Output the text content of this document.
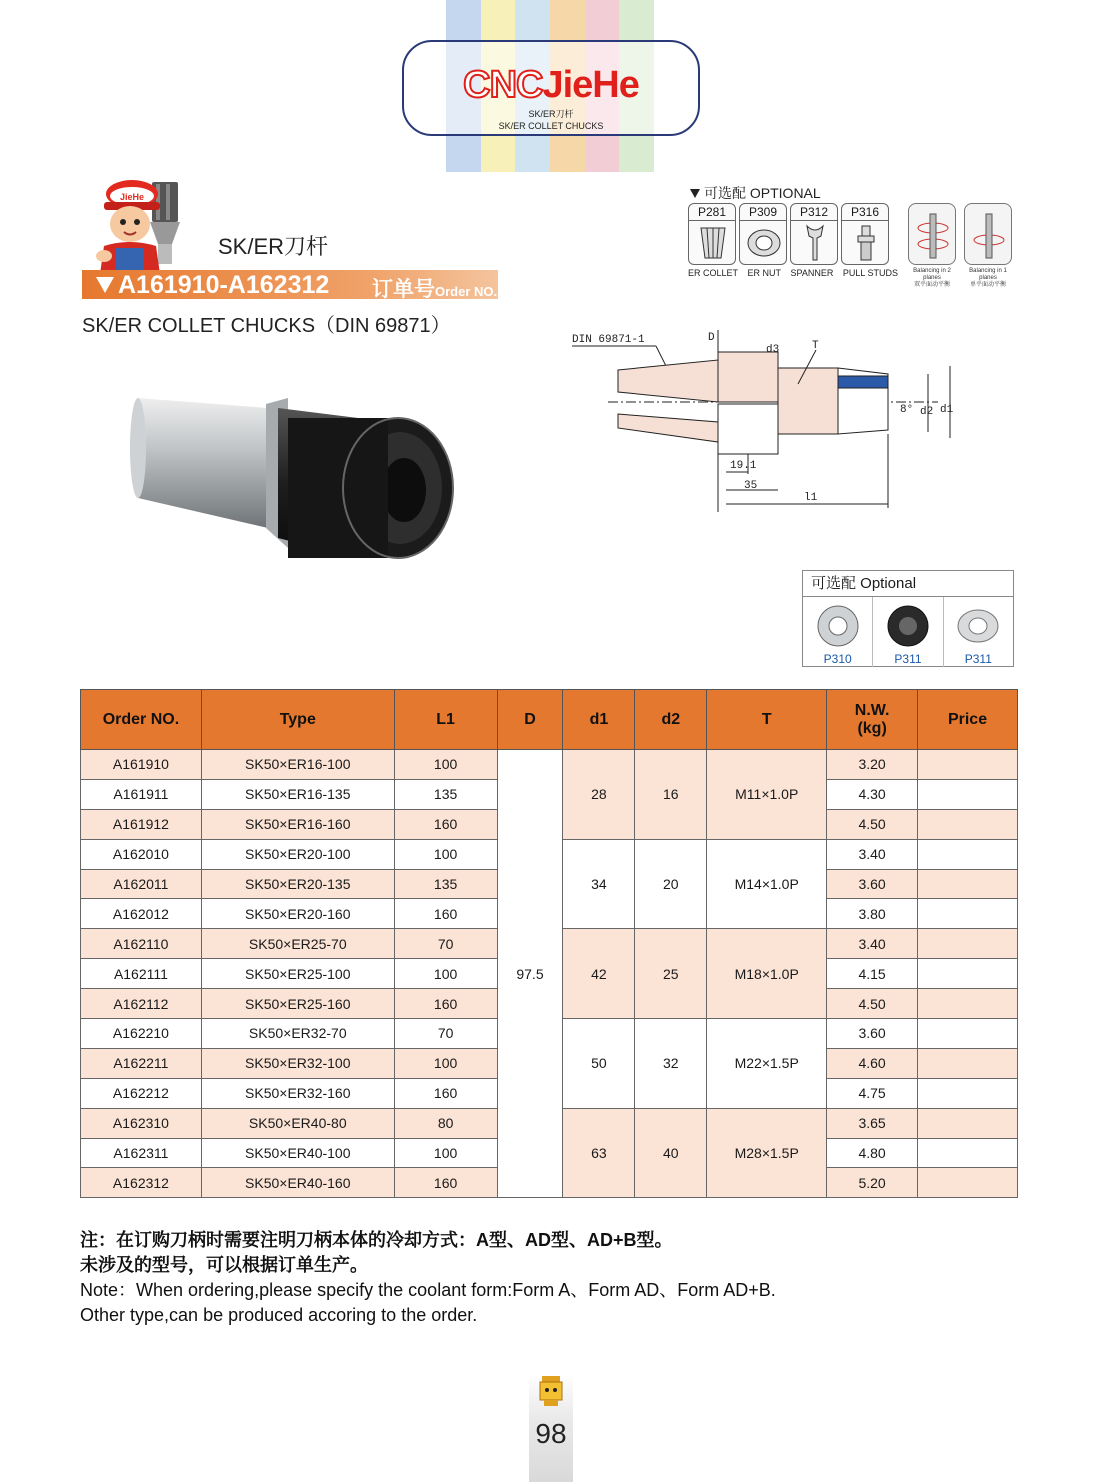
CNCJieHe
SK/ER刀杆
SK/ER COLLET CHUCKS
JieHe
SK/ER刀杆
A161910-A162312 订单号Order NO.
SK/ER COLLET CHUCKS（DIN 69871）
可选配 OPTIONAL
P281	P309	P312	P316
ER COLLET ER NUT SPANNER PULL STUDS	Balancing in 2 planes
双平面动平衡
Balancing in 1 planes
单平面动平衡
DIN 69871-1	D
d3	T
8° d2 d1
19.1
35
l1
可选配 Optional
P310	P311	P311
Order NO.	Type	L1	D	d1	d2	T	N.W.
(kg)	Price
A161910	SK50×ER16-100	100	97.5	28	16	M11×1.0P	3.20	
A161911	SK50×ER16-135	135					4.30	
A161912	SK50×ER16-160	160					4.50	
A162010	SK50×ER20-100	100		34	20	M14×1.0P	3.40	
A162011	SK50×ER20-135	135					3.60	
A162012	SK50×ER20-160	160					3.80	
A162110	SK50×ER25-70	70		42	25	M18×1.0P	3.40	
A162111	SK50×ER25-100	100					4.15	
A162112	SK50×ER25-160	160					4.50	
A162210	SK50×ER32-70	70		50	32	M22×1.5P	3.60	
A162211	SK50×ER32-100	100					4.60	
A162212	SK50×ER32-160	160					4.75	
A162310	SK50×ER40-80	80		63	40	M28×1.5P	3.65	
A162311	SK50×ER40-100	100					4.80	
A162312	SK50×ER40-160	160					5.20	
注：在订购刀柄时需要注明刀柄本体的冷却方式：A型、AD型、AD+B型。
未涉及的型号，可以根据订单生产。
Note：When ordering,please specify the coolant form:Form A、Form AD、Form AD+B.
Other type,can be produced accoring to the order.
98
